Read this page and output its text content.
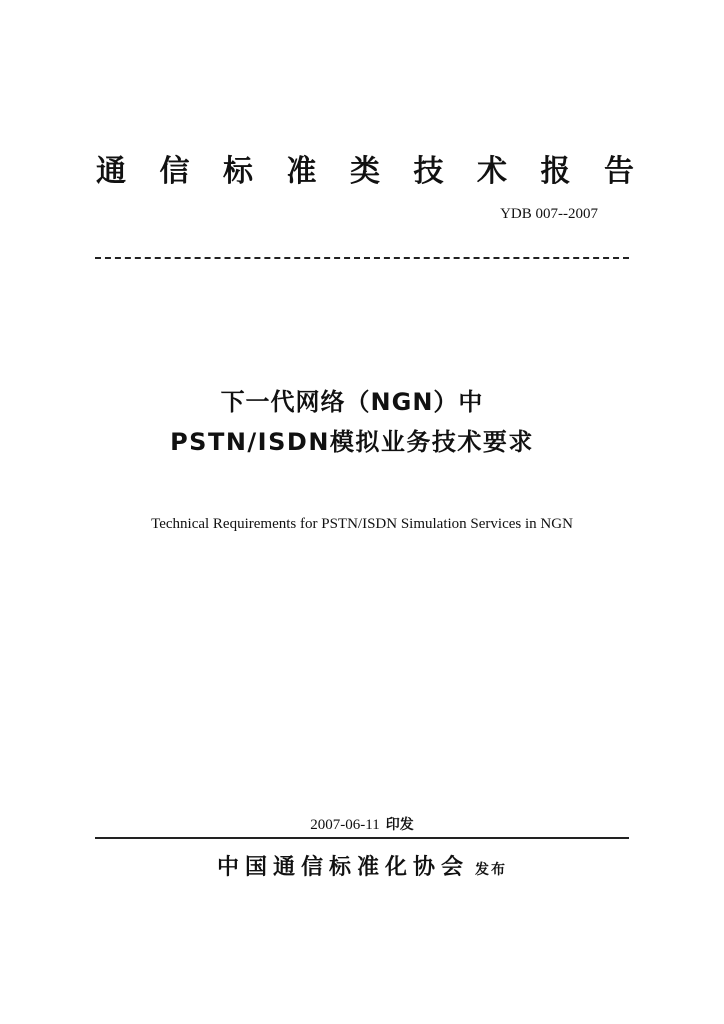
通 信 标 准 类 技 术 报 告
YDB 007--2007
下一代网络（NGN）中
PSTN/ISDN模拟业务技术要求
Technical Requirements for PSTN/ISDN Simulation Services in NGN
2007-06-11 印发
中国通信标准化协会 发布
